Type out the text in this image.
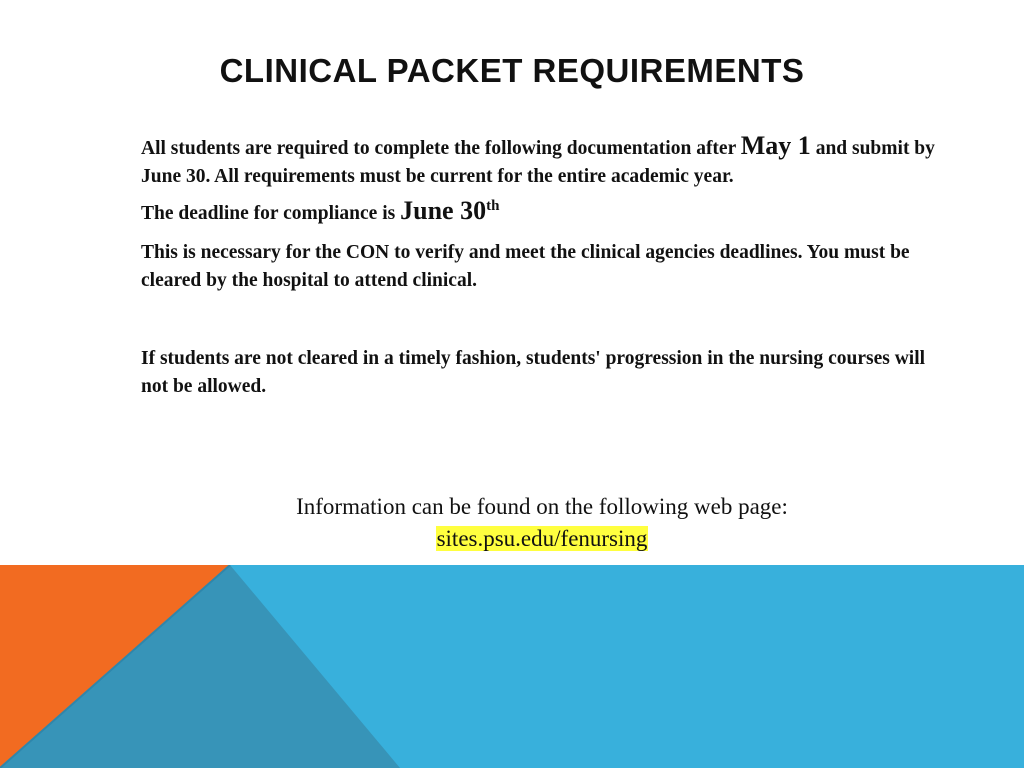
CLINICAL PACKET REQUIREMENTS

All students are required to complete the following documentation after May 1 and submit by June 30. All requirements must be current for the entire academic year.

The deadline for compliance is June 30th

This is necessary for the CON to verify and meet the clinical agencies deadlines. You must be cleared by the hospital to attend clinical.

If students are not cleared in a timely fashion, students' progression in the nursing courses will not be allowed.

Information can be found on the following web page:
sites.psu.edu/fenursing
